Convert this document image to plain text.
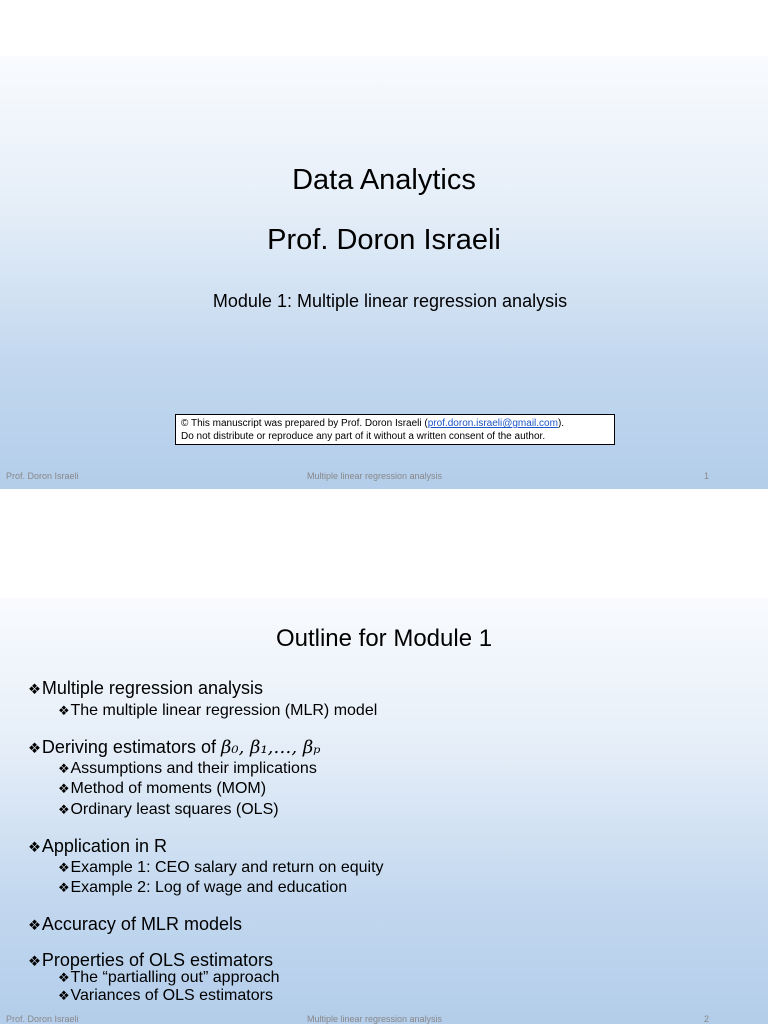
Data Analytics
Prof. Doron Israeli
Module 1: Multiple linear regression analysis
© This manuscript was prepared by Prof. Doron Israeli (prof.doron.israeli@gmail.com).
Do not distribute or reproduce any part of it without a written consent of the author.
Prof. Doron Israeli	Multiple linear regression analysis	1
Outline for Module 1
❖Multiple regression analysis
❖The multiple linear regression (MLR) model
❖Deriving estimators of β₀, β₁,…, βₚ
❖Assumptions and their implications
❖Method of moments (MOM)
❖Ordinary least squares (OLS)
❖Application in R
❖Example 1: CEO salary and return on equity
❖Example 2: Log of wage and education
❖Accuracy of MLR models
❖Properties of OLS estimators
❖The “partialling out” approach
❖Variances of OLS estimators
Prof. Doron Israeli	Multiple linear regression analysis	2
